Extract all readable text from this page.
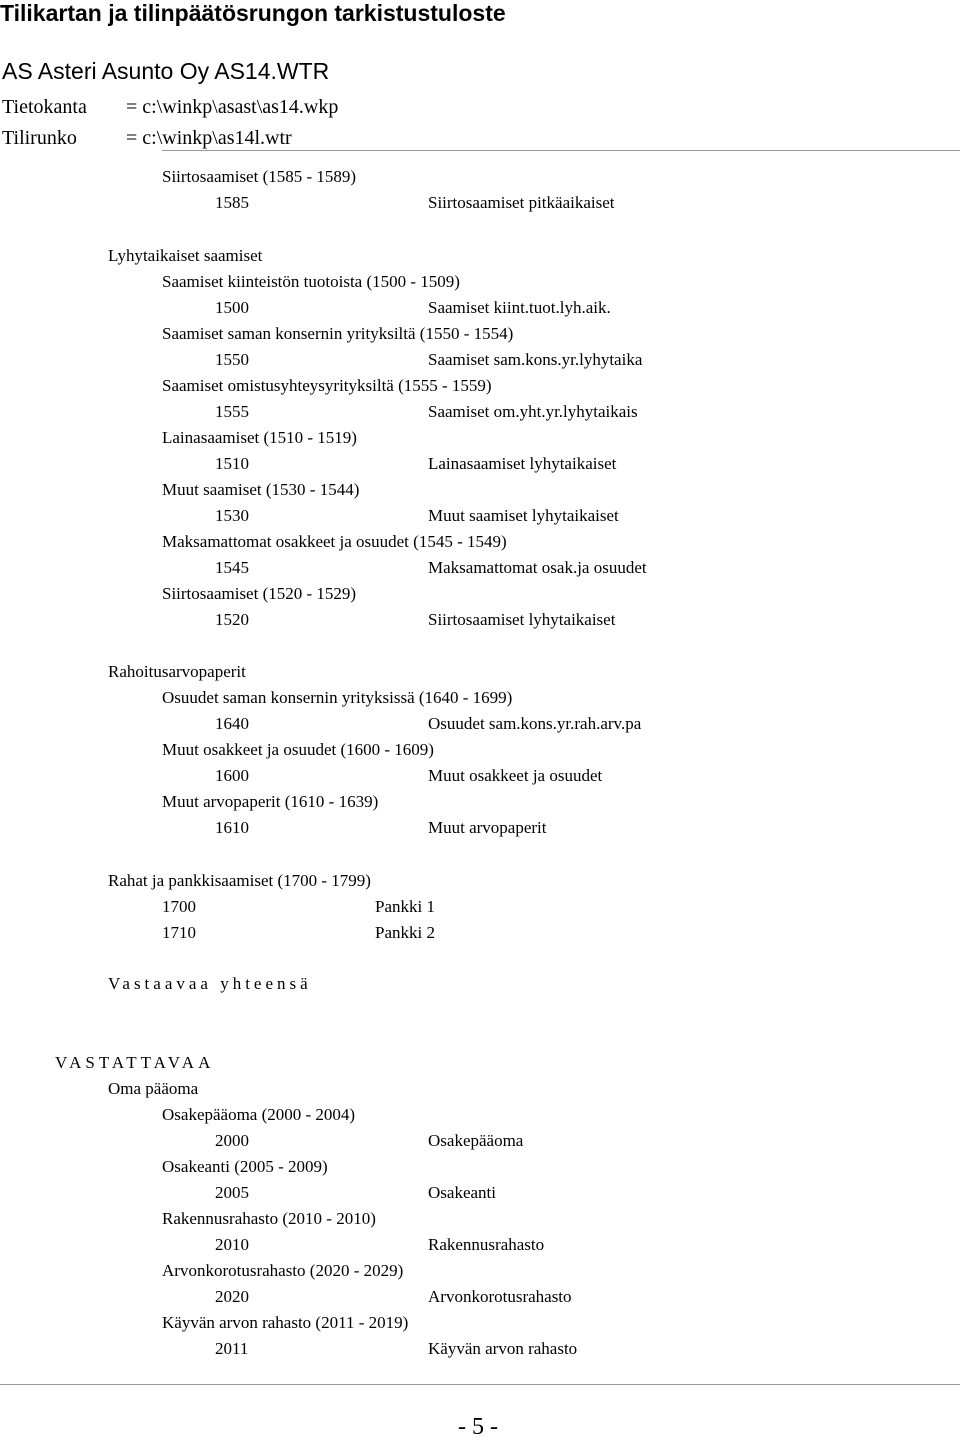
Tilikartan ja tilinpäätösrungon tarkistustuloste
AS Asteri Asunto Oy AS14.WTR
Tietokanta = c:\winkp\asast\as14.wkp
Tilirunko = c:\winkp\as14l.wtr
Siirtosaamiset (1585 - 1589)
1585	Siirtosaamiset pitkäaikaiset
Lyhytaikaiset saamiset
Saamiset kiinteistön tuotoista (1500 - 1509)
1500	Saamiset kiint.tuot.lyh.aik.
Saamiset saman konsernin yrityksiltä (1550 - 1554)
1550	Saamiset sam.kons.yr.lyhytaika
Saamiset omistusyhteysyrityksiltä (1555 - 1559)
1555	Saamiset om.yht.yr.lyhytaikais
Lainasaamiset (1510 - 1519)
1510	Lainasaamiset lyhytaikaiset
Muut saamiset (1530 - 1544)
1530	Muut saamiset lyhytaikaiset
Maksamattomat osakkeet ja osuudet (1545 - 1549)
1545	Maksamattomat osak.ja osuudet
Siirtosaamiset (1520 - 1529)
1520	Siirtosaamiset lyhytaikaiset
Rahoitusarvopaperit
Osuudet saman konsernin yrityksissä (1640 - 1699)
1640	Osuudet sam.kons.yr.rah.arv.pa
Muut osakkeet ja osuudet (1600 - 1609)
1600	Muut osakkeet ja osuudet
Muut arvopaperit (1610 - 1639)
1610	Muut arvopaperit
Rahat ja pankkisaamiset (1700 - 1799)
1700	Pankki 1
1710	Pankki 2
Vastaavaa yhteensä
VASTATTAVAA
Oma pääoma
Osakepääoma (2000 - 2004)
2000	Osakepääoma
Osakeanti (2005 - 2009)
2005	Osakeanti
Rakennusrahasto (2010 - 2010)
2010	Rakennusrahasto
Arvonkorotusrahasto (2020 - 2029)
2020	Arvonkorotusrahasto
Käyvän arvon rahasto (2011 - 2019)
2011	Käyvän arvon rahasto
- 5 -
